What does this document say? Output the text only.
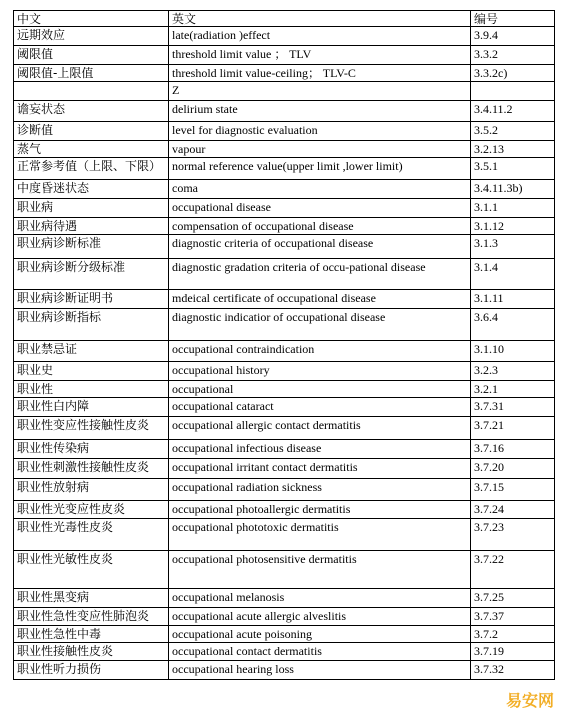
中文	英文	编号
远期效应	late(radiation )effect	3.9.4
阈限值	threshold limit value ； TLV	3.3.2
阈限值-上限值	threshold limit value-ceiling； TLV-C	3.3.2c)
	Z	
谵妄状态	delirium state	3.4.11.2
诊断值	level for diagnostic evaluation	3.5.2
蒸气	vapour	3.2.13
正常参考值（上限、下限）	normal reference value(upper limit ,lower limit)	3.5.1
中度昏迷状态	coma	3.4.11.3b)
职业病	occupational disease	3.1.1
职业病待遇	compensation of occupational disease	3.1.12
职业病诊断标准	diagnostic criteria of occupational disease	3.1.3
职业病诊断分级标准	diagnostic gradation criteria of occu-pational disease	3.1.4
职业病诊断证明书	mdeical certificate of occupational disease	3.1.11
职业病诊断指标	diagnostic indicatior of occupational disease	3.6.4
职业禁忌证	occupational contraindication	3.1.10
职业史	occupational history	3.2.3
职业性	occupational	3.2.1
职业性白内障	occupational cataract	3.7.31
职业性变应性接触性皮炎	occupational allergic contact dermatitis	3.7.21
职业性传染病	occupational infectious disease	3.7.16
职业性刺激性接触性皮炎	occupational irritant contact dermatitis	3.7.20
职业性放射病	occupational radiation sickness	3.7.15
职业性光变应性皮炎	occupational photoallergic dermatitis	3.7.24
职业性光毒性皮炎	occupational phototoxic dermatitis	3.7.23
职业性光敏性皮炎	occupational photosensitive dermatitis	3.7.22
职业性黑变病	occupational melanosis	3.7.25
职业性急性变应性肺泡炎	occupational acute allergic alveslitis	3.7.37
职业性急性中毒	occupational acute poisoning	3.7.2
职业性接触性皮炎	occupational contact dermatitis	3.7.19
职业性听力损伤	occupational hearing loss	3.7.32
易安网
